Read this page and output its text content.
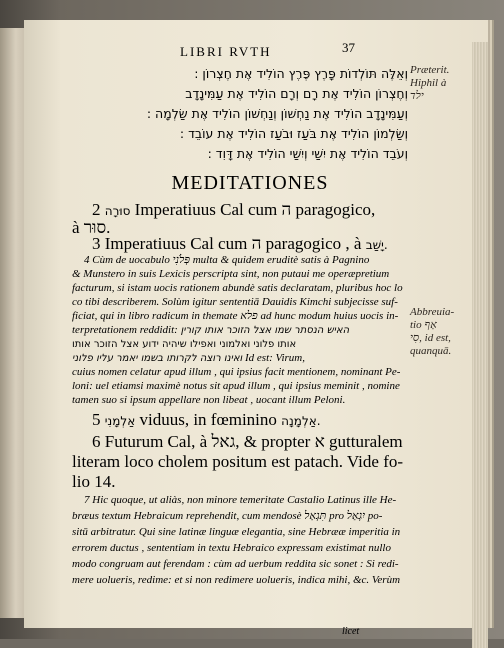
LIBRI RVTH	37
וְאֵלֶּה תּוֹלְדוֹת פָּרֶץ פֶּרֶץ הוֹלִיד אֶת חֶצְרוֹן :
וְחֶצְרוֹן הוֹלִיד אֶת רָם וְרָם הוֹלִיד אֶת עַמִּינָדָב
וְעַמִּינָדָב הוֹלִיד אֶת נַחְשׁוֹן וְנַחְשׁוֹן הוֹלִיד אֶת שַׂלְמָה :
וְשַׂלְמוֹן הוֹלִיד אֶת בֹּעַז וּבֹעַז הוֹלִיד אֶת עוֹבֵד :
וְעֹבֵד הוֹלִיד אֶת יִשַׁי וְיִשַׁי הוֹלִיד אֶת דָּוִד :
Præterit.
Hiphil à
ילד
MEDITATIONES
2 סוּרָה Imperatiuus Cal cum ה paragogico,
à סוּר.
3 Imperatiuus Cal cum ה paragogico , à יָשַׁב.
4 Cùm de uocabulo פְּלֹנִי multa & quidem eruditè satis à Pagnino
& Munstero in suis Lexicis perscripta sint, non putaui me operæpretium
facturum, si istam uocis rationem abundè satis declaratam, pluribus hoc lo
co tibi describerem. Solùm igitur sententiā Dauidis Kimchi subjecisse suf-
ficiat, qui in libro radicum in themate פלא ad hunc modum huius uocis in-
terpretationem reddidit: האיש הנסתר שמו אצל הזוכר אותו קורין
אותו פלוני ואלמוני ואפילו שיהיה ידוע אצל הזוכר אותו
ואינו רוצה לקרותו בשמו יאמר עליו פלוני Id est: Virum,
cuius nomen celatur apud illum , qui ipsius facit mentionem, nominant Pe-
loni: uel etiamsi maximè notus sit apud illum , qui ipsius meminit , nomine
tamen suo si ipsum appellare non libeat , uocant illum Peloni.
Abbreuia-
tio אַף
סִי, id est,
quanquā.
5 אַלְמָנִי viduus, in fœminino אַלְמָנָה.
6 Futurum Cal, à גאל, & propter א gutturalem
literam loco cholem positum est patach. Vide fo-
lio 14.
7 Hic quoque, ut aliàs, non minore temeritate Castalio Latinus ille He-
bræus textum Hebraicum reprehendit, cum mendosè תִּגְאַל pro יִגְאַל po-
sitū arbitratur. Qui sine latinæ linguæ elegantia, sine Hebrææ imperitia in
errorem ductus , sententiam in textu Hebraico expressam existimat nullo
modo congruam aut ferendam : cùm ad uerbum reddita sic sonet : Si redi-
mere uolueris, redime: et si non redimere uolueris, indica mihi, &c. Verùm
licet
